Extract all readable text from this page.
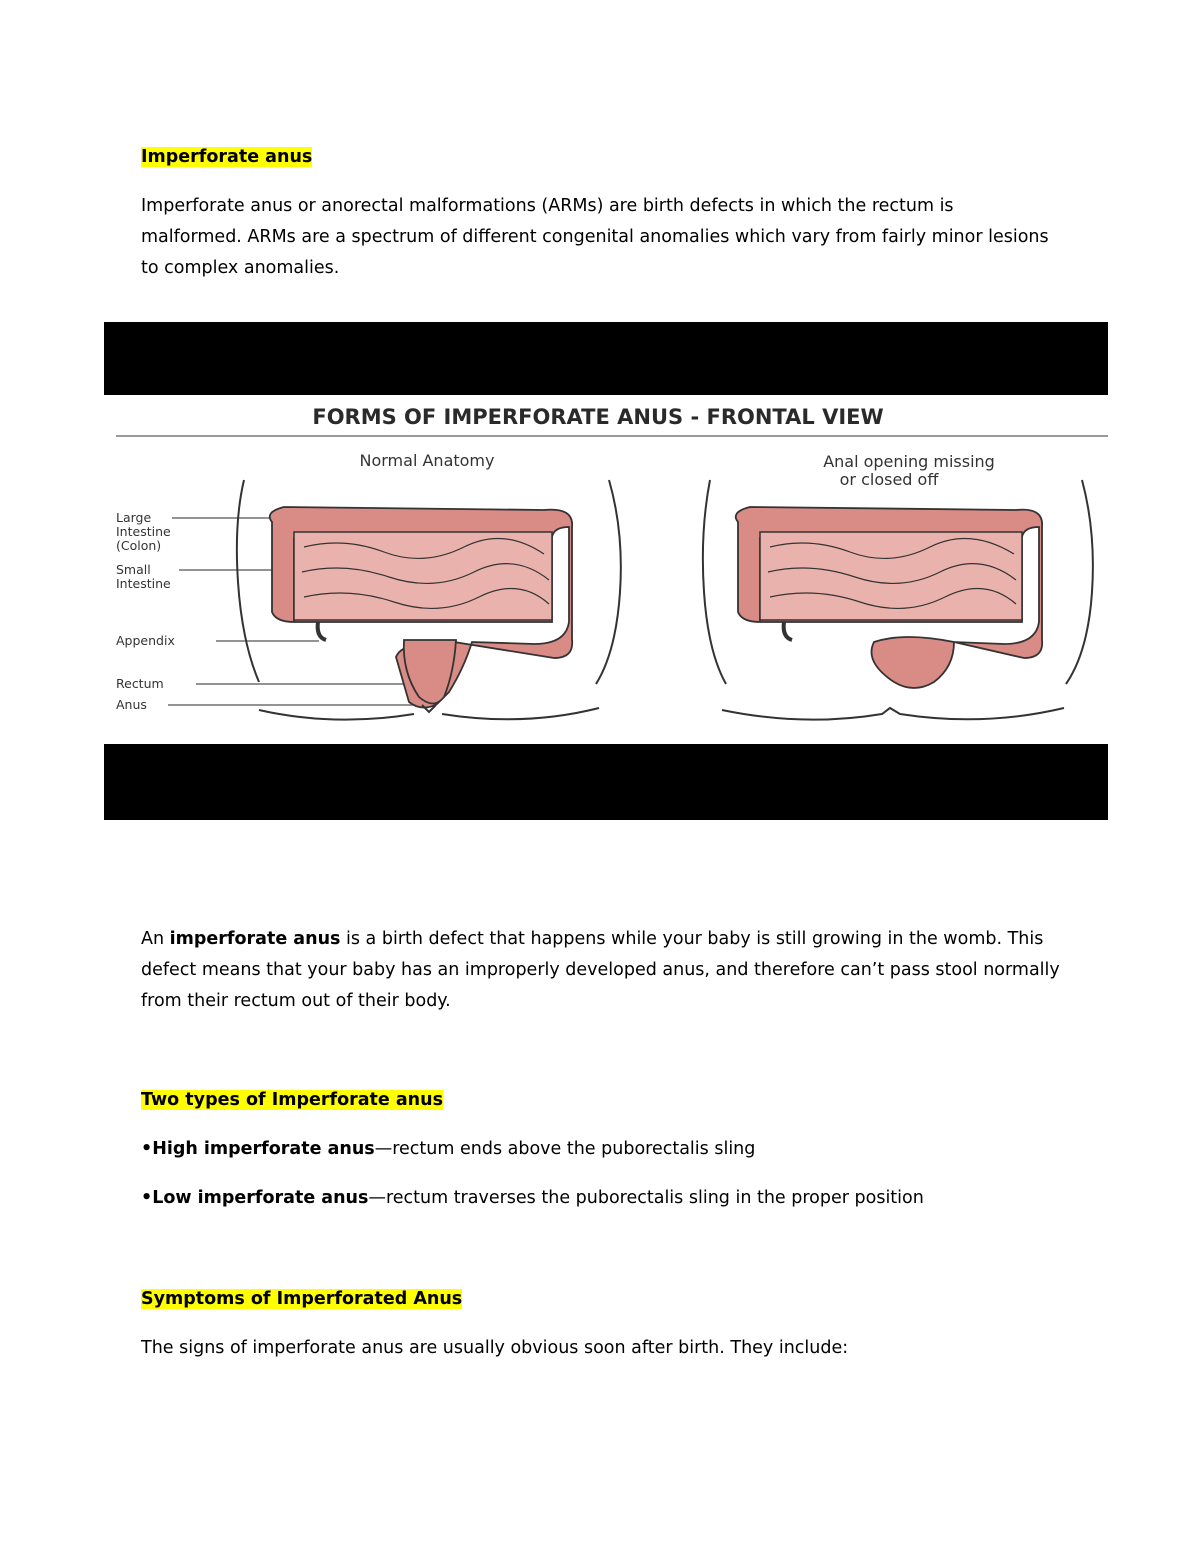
Imperforate anus
Imperforate anus or anorectal malformations (ARMs) are birth defects in which the rectum is
malformed. ARMs are a spectrum of different congenital anomalies which vary from fairly minor lesions
to complex anomalies.
FORMS OF IMPERFORATE ANUS - FRONTAL VIEW
Normal Anatomy	Anal opening missing
or closed off
Large
Intestine
(Colon)
Small
Intestine
Appendix
Rectum
Anus
An imperforate anus is a birth defect that happens while your baby is still growing in the womb. This
defect means that your baby has an improperly developed anus, and therefore can’t pass stool normally
from their rectum out of their body.
Two types of Imperforate anus
•High imperforate anus—rectum ends above the puborectalis sling
•Low imperforate anus—rectum traverses the puborectalis sling in the proper position
Symptoms of Imperforated Anus
The signs of imperforate anus are usually obvious soon after birth. They include:
